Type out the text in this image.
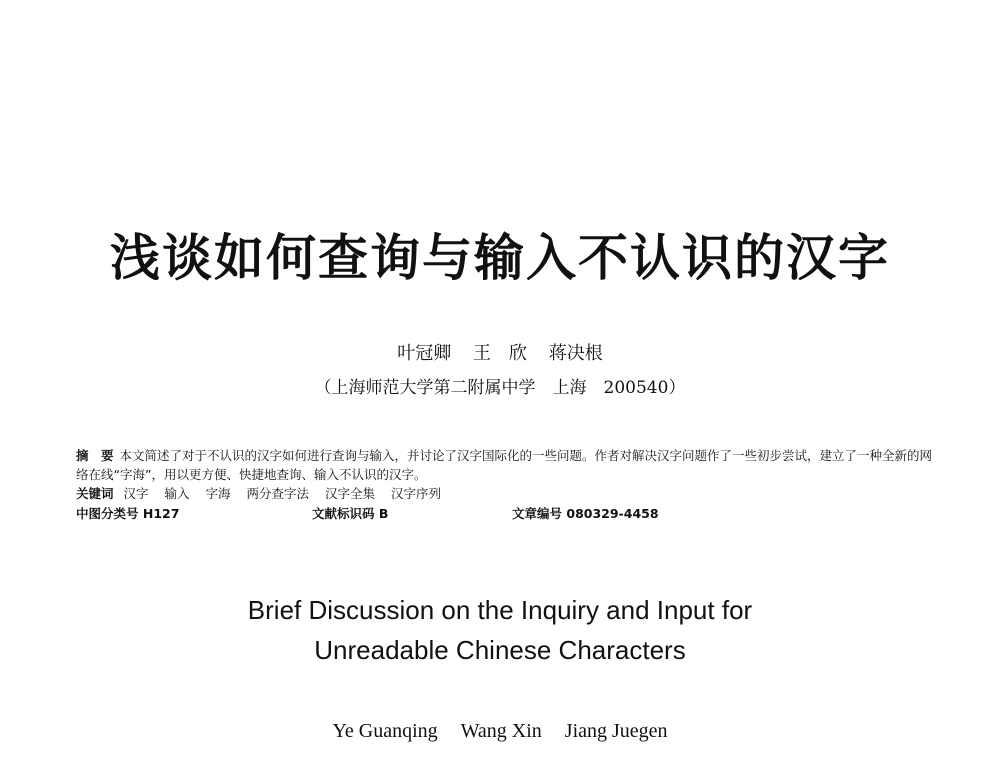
浅谈如何查询与输入不认识的汉字
叶冠卿 王　欣 蒋决根
（上海师范大学第二附属中学　上海　200540）
摘　要 本文简述了对于不认识的汉字如何进行查询与输入，并讨论了汉字国际化的一些问题。作者对解决汉字问题作了一些初步尝试，建立了一种全新的网络在线“字海”，用以更方便、快捷地查询、输入不认识的汉字。
关键词 汉字 输入 字海 两分查字法 汉字全集 汉字序列
中图分类号 H127	文献标识码 B	文章编号 080329-4458
Brief Discussion on the Inquiry and Input for
Unreadable Chinese Characters
Ye Guanqing Wang Xin Jiang Juegen
